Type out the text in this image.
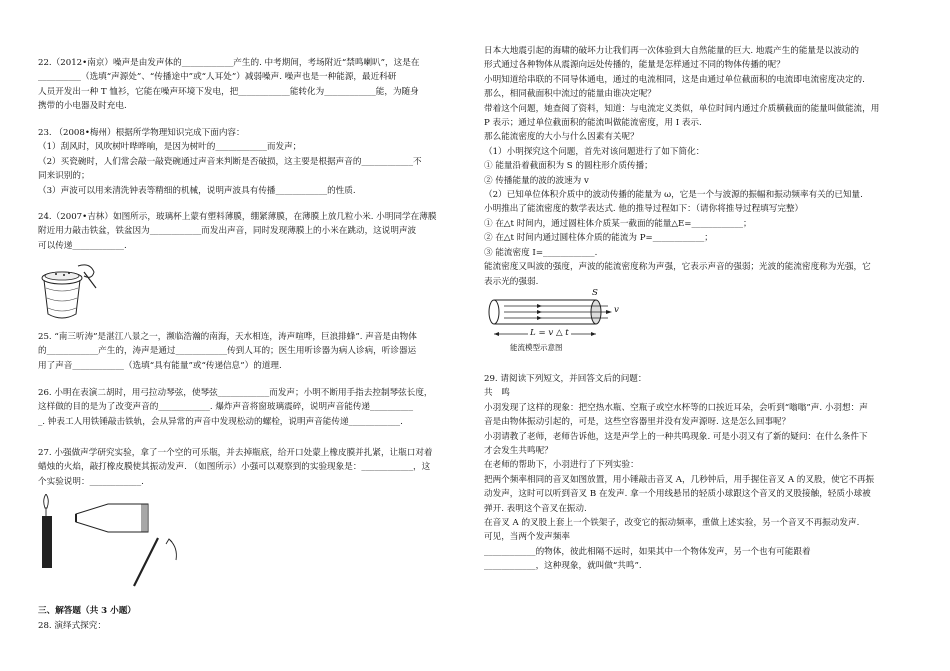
22.（2012•南京）噪声是由发声体的____________产生的. 中考期间，考场附近“禁鸣喇叭”，这是在
__________（选填“声源处”、“传播途中”或“人耳处”）减弱噪声. 噪声也是一种能源，最近科研
人员开发出一种 T 恤衫，它能在噪声环境下发电，把____________能转化为____________能，为随身
携带的小电器及时充电.
23. （2008•梅州）根据所学物理知识完成下面内容：
（1）刮风时，风吹树叶哗哗响，是因为树叶的____________而发声；
（2）买瓷碗时，人们常会敲一敲瓷碗通过声音来判断是否破损，这主要是根据声音的____________不
同来识别的；
（3）声波可以用来清洗钟表等精细的机械，说明声波具有传播____________的性质.
24.（2007•吉林）如图所示，玻璃杯上蒙有塑料薄膜，绷紧薄膜，在薄膜上放几粒小米. 小明同学在薄膜
附近用力敲击铁盆，铁盆因为____________而发出声音，同时发现薄膜上的小米在跳动，这说明声波
可以传递____________.
25. “南三听涛”是湛江八景之一，濒临浩瀚的南海，天水相连，涛声喧哗，巨浪排蜂”. 声音是由物体
的____________产生的，涛声是通过____________传到人耳的；医生用听诊器为病人诊病，听诊器运
用了声音____________（选填“具有能量”或“传递信息”）的道理.
26. 小明在表演二胡时，用弓拉动琴弦，使琴弦____________而发声；小明不断用手指去控制琴弦长度，
这样做的目的是为了改变声音的____________. 爆炸声音将窗玻璃震碎，说明声音能传递__________
_. 钟表工人用铁锤敲击铁轨，会从异常的声音中发现松动的螺栓，说明声音能传递____________.
27. 小强做声学研究实验，拿了一个空的可乐瓶，并去掉瓶底，给开口处蒙上橡皮膜并扎紧，让瓶口对着
蜡烛的火焰，敲打橡皮膜使其振动发声. （如图所示）小强可以观察到的实验现象是：____________，这
个实验说明：____________.
三、解答题（共 3 小题）
28. 演绎式探究：
日本大地震引起的海啸的破坏力让我们再一次体验到大自然能量的巨大. 地震产生的能量是以波动的
形式通过各种物体从震源向远处传播的，能量是怎样通过不同的物体传播的呢？
小明知道给串联的不同导体通电，通过的电流相同，这是由通过单位截面积的电流即电流密度决定的.
那么，相同截面积中流过的能量由谁决定呢？
带着这个问题，她查阅了资料，知道：与电流定义类似，单位时间内通过介质横截面的能量叫做能流，用
P 表示；通过单位截面积的能流叫做能流密度，用 I 表示.
那么能流密度的大小与什么因素有关呢？
（1）小明探究这个问题，首先对该问题进行了如下简化：
① 能量沿着截面积为 S 的圆柱形介质传播；
② 传播能量的波的波速为 v
（2）已知单位体积介质中的波动传播的能量为 ω，它是一个与波源的振幅和振动频率有关的已知量.
小明推出了能流密度的数学表达式. 他的推导过程如下：（请你将推导过程填写完整）
① 在△t 时间内，通过圆柱体介质某一截面的能量△E=____________；
② 在△t 时间内通过圆柱体介质的能流为 P=____________；
③ 能流密度 I=____________.
能流密度又叫波的强度，声波的能流密度称为声强，它表示声音的强弱；光波的能流密度称为光强，它
表示光的强弱.
S
v
L = v △ t
能流模型示意图
29. 请阅读下列短文，并回答文后的问题：
共　鸣
小羽发现了这样的现象：把空热水瓶、空瓶子或空水杯等的口挨近耳朵，会听到“嗡嗡”声. 小羽想：声
音是由物体振动引起的，可是，这些空容器里并没有发声源呀. 这是怎么回事呢？
小羽请教了老师，老师告诉他，这是声学上的一种共鸣现象. 可是小羽又有了新的疑问：在什么条件下
才会发生共鸣呢？
在老师的帮助下，小羽进行了下列实验：
把两个频率相同的音叉如图放置，用小锤敲击音叉 A，几秒钟后，用手握住音叉 A 的叉股，使它不再振
动发声，这时可以听到音叉 B 在发声. 拿一个用线悬吊的轻质小球跟这个音叉的叉股接触，轻质小球被
弹开. 表明这个音叉在振动.
在音叉 A 的叉股上套上一个铁架子，改变它的振动频率，重做上述实验，另一个音叉不再振动发声.
可见，当两个发声频率
____________的物体，彼此相隔不远时，如果其中一个物体发声，另一个也有可能跟着
____________，这种现象，就叫做“共鸣”.
